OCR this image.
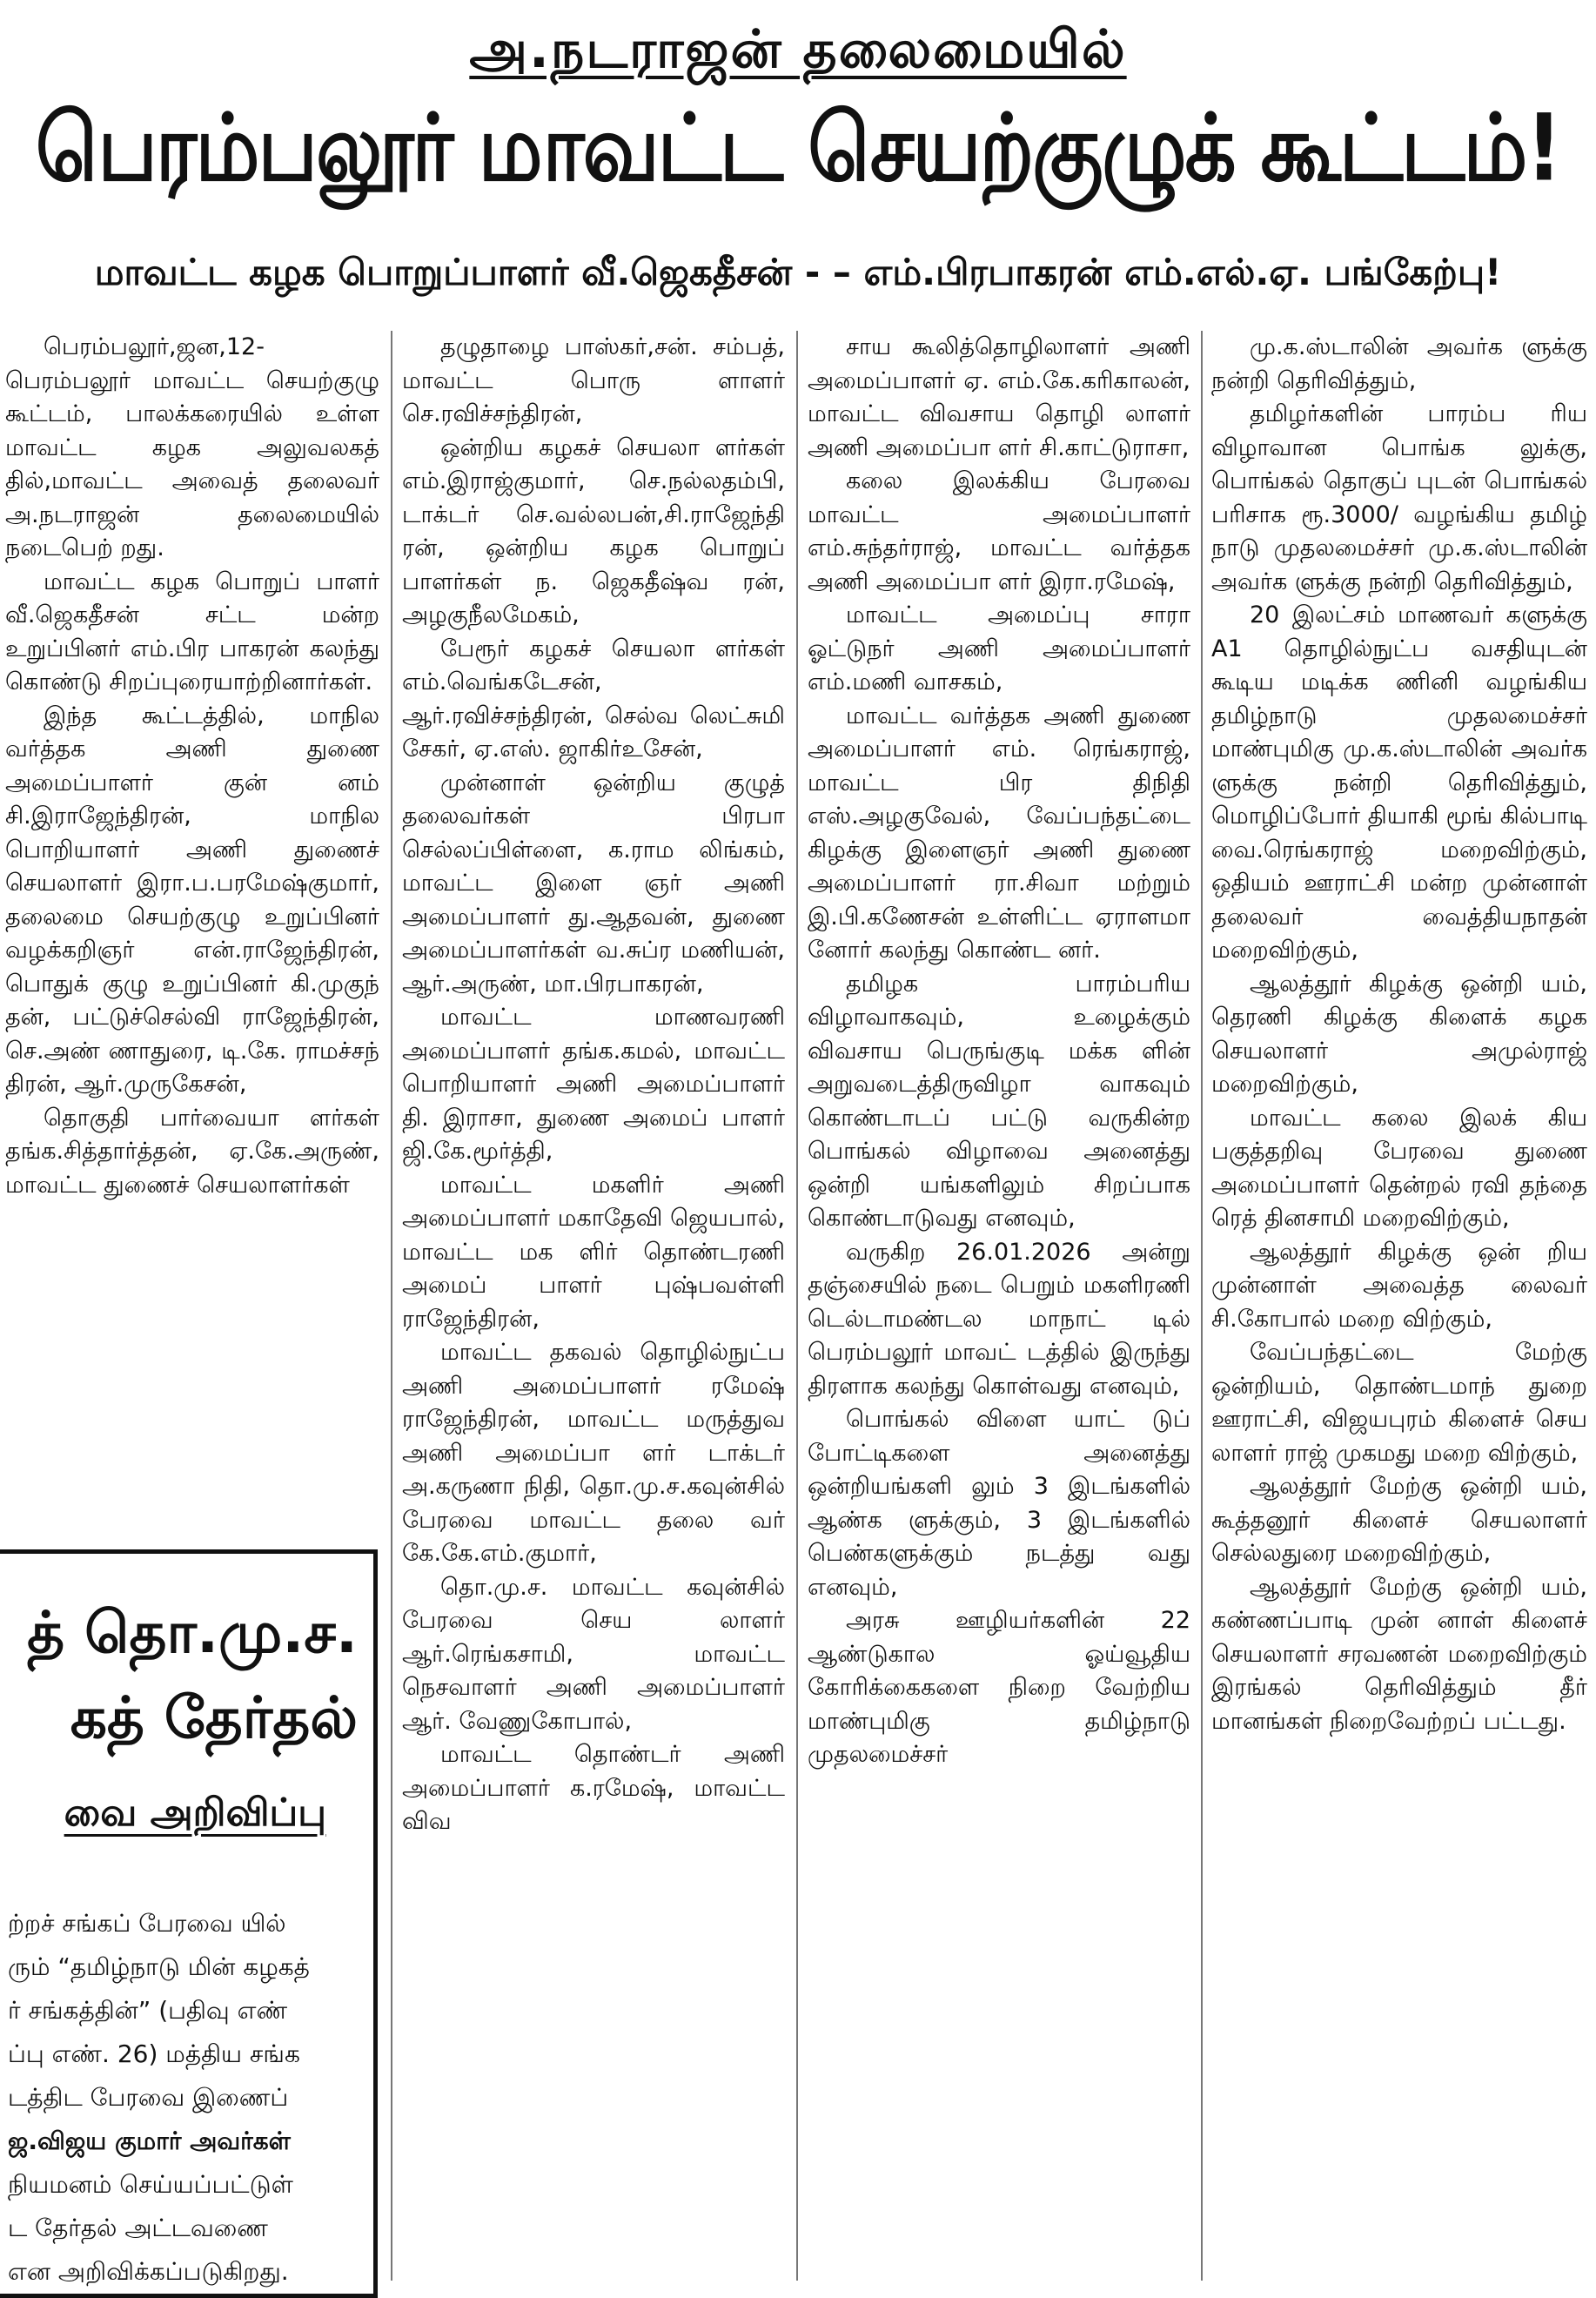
அ.நடராஜன் தலைமையில்
பெரம்பலூர் மாவட்ட செயற்குழுக் கூட்டம்!
மாவட்ட கழக பொறுப்பாளர் வீ.ஜெகதீசன் - – எம்.பிரபாகரன் எம்.எல்.ஏ. பங்கேற்பு!

பெரம்பலூர்,ஜன,12- பெரம்பலூர் மாவட்ட செயற்குழு கூட்டம், பாலக்கரையில் உள்ள மாவட்ட கழக அலுவலகத் தில்,மாவட்ட அவைத் தலைவர் அ.நடராஜன் தலைமையில் நடைபெற் றது.

மாவட்ட கழக பொறுப் பாளர் வீ.ஜெகதீசன் சட்ட மன்ற உறுப்பினர் எம்.பிர பாகரன் கலந்து கொண்டு சிறப்புரையாற்றினார்கள்.

இந்த கூட்டத்தில், மாநில வர்த்தக அணி துணை அமைப்பாளர் குன் னம் சி.இராஜேந்திரன், மாநில பொறியாளர் அணி துணைச் செயலாளர் இரா.ப.பரமேஷ்குமார், தலைமை செயற்குழு உறுப்பினர் வழக்கறிஞர் என்.ராஜேந்திரன், பொதுக் குழு உறுப்பினர் கி.முகுந் தன், பட்டுச்செல்வி ராஜேந்திரன், செ.அண் ணாதுரை, டி.கே. ராமச்சந் திரன், ஆர்.முருகேசன்,

தொகுதி பார்வையா ளர்கள் தங்க.சித்தார்த்தன், ஏ.கே.அருண், மாவட்ட துணைச் செயலாளர்கள்

தழுதாழை பாஸ்கர்,சன். சம்பத், மாவட்ட பொரு ளாளர் செ.ரவிச்சந்திரன்,

ஒன்றிய கழகச் செயலா ளர்கள் எம்.இராஜ்குமார், செ.நல்லதம்பி, டாக்டர் செ.வல்லபன்,சி.ராஜேந்தி ரன், ஒன்றிய கழக பொறுப் பாளர்கள் ந. ஜெகதீஷ்வ ரன், அழகுநீலமேகம்,

பேரூர் கழகச் செயலா ளர்கள் எம்.வெங்கடேசன், ஆர்.ரவிச்சந்திரன், செல்வ லெட்சுமி சேகர், ஏ.எஸ். ஜாகிர்உசேன்,

முன்னாள் ஒன்றிய குழுத் தலைவர்கள் பிரபா செல்லப்பிள்ளை, க.ராம லிங்கம், மாவட்ட இளை ஞர் அணி அமைப்பாளர் து.ஆதவன், துணை அமைப்பாளர்கள் வ.சுப்ர மணியன், ஆர்.அருண், மா.பிரபாகரன்,

மாவட்ட மாணவரணி அமைப்பாளர் தங்க.கமல், மாவட்ட பொறியாளர் அணி அமைப்பாளர் தி. இராசா, துணை அமைப் பாளர் ஜி.கே.மூர்த்தி,

மாவட்ட மகளிர் அணி அமைப்பாளர் மகாதேவி ஜெயபால், மாவட்ட மக ளிர் தொண்டரணி அமைப் பாளர் புஷ்பவள்ளி ராஜேந்திரன்,

மாவட்ட தகவல் தொழில்நுட்ப அணி அமைப்பாளர் ரமேஷ் ராஜேந்திரன், மாவட்ட மருத்துவ அணி அமைப்பா ளர் டாக்டர் அ.கருணா நிதி, தொ.மு.ச.கவுன்சில் பேரவை மாவட்ட தலை வர் கே.கே.எம்.குமார்,

தொ.மு.ச. மாவட்ட கவுன்சில் பேரவை செய லாளர் ஆர்.ரெங்கசாமி, மாவட்ட நெசவாளர் அணி அமைப்பாளர் ஆர். வேணுகோபால்,

மாவட்ட தொண்டர் அணி அமைப்பாளர் க.ரமேஷ், மாவட்ட விவ

சாய கூலித்தொழிலாளர் அணி அமைப்பாளர் ஏ. எம்.கே.கரிகாலன், மாவட்ட விவசாய தொழி லாளர் அணி அமைப்பா ளர் சி.காட்டுராசா,

கலை இலக்கிய பேரவை மாவட்ட அமைப்பாளர் எம்.சுந்தர்ராஜ், மாவட்ட வர்த்தக அணி அமைப்பா ளர் இரா.ரமேஷ்,

மாவட்ட அமைப்பு சாரா ஓட்டுநர் அணி அமைப்பாளர் எம்.மணி வாசகம்,

மாவட்ட வர்த்தக அணி துணை அமைப்பாளர் எம். ரெங்கராஜ், மாவட்ட பிர திநிதி எஸ்.அழகுவேல், வேப்பந்தட்டை கிழக்கு இளைஞர் அணி துணை அமைப்பாளர் ரா.சிவா மற்றும் இ.பி.கணேசன் உள்ளிட்ட ஏராளமா னோர் கலந்து கொண்ட னர்.

தமிழக பாரம்பரிய விழாவாகவும், உழைக்கும் விவசாய பெருங்குடி மக்க ளின் அறுவடைத்திருவிழா வாகவும் கொண்டாடப் பட்டு வருகின்ற பொங்கல் விழாவை அனைத்து ஒன்றி யங்களிலும் சிறப்பாக கொண்டாடுவது எனவும்,

வருகிற 26.01.2026 அன்று தஞ்சையில் நடை பெறும் மகளிரணி டெல்டாமண்டல மாநாட் டில் பெரம்பலூர் மாவட் டத்தில் இருந்து திரளாக கலந்து கொள்வது எனவும்,

பொங்கல் விளை யாட் டுப் போட்டிகளை அனைத்து ஒன்றியங்களி லும் 3 இடங்களில் ஆண்க ளுக்கும், 3 இடங்களில் பெண்களுக்கும் நடத்து வது எனவும்,

அரசு ஊழியர்களின் 22 ஆண்டுகால ஓய்வூதிய கோரிக்கைகளை நிறை வேற்றிய மாண்புமிகு தமிழ்நாடு முதலமைச்சர்

மு.க.ஸ்டாலின் அவர்க ளுக்கு நன்றி தெரிவித்தும்,

தமிழர்களின் பாரம்ப ரிய விழாவான பொங்க லுக்கு, பொங்கல் தொகுப் புடன் பொங்கல் பரிசாக ரூ.3000/ வழங்கிய தமிழ் நாடு முதலமைச்சர் மு.க.ஸ்டாலின் அவர்க ளுக்கு நன்றி தெரிவித்தும்,

20 இலட்சம் மாணவர் களுக்கு A1 தொழில்நுட்ப வசதியுடன் கூடிய மடிக்க ணினி வழங்கிய தமிழ்நாடு முதலமைச்சர் மாண்புமிகு மு.க.ஸ்டாலின் அவர்க ளுக்கு நன்றி தெரிவித்தும், மொழிப்போர் தியாகி மூங் கில்பாடி வை.ரெங்கராஜ் மறைவிற்கும், ஒதியம் ஊராட்சி மன்ற முன்னாள் தலைவர் வைத்தியநாதன் மறைவிற்கும்,

ஆலத்தூர் கிழக்கு ஒன்றி யம், தெரணி கிழக்கு கிளைக் கழக செயலாளர் அமுல்ராஜ் மறைவிற்கும்,

மாவட்ட கலை இலக் கிய பகுத்தறிவு பேரவை துணை அமைப்பாளர் தென்றல் ரவி தந்தை ரெத் தினசாமி மறைவிற்கும்,

ஆலத்தூர் கிழக்கு ஒன் றிய முன்னாள் அவைத்த லைவர் சி.கோபால் மறை விற்கும்,

வேப்பந்தட்டை மேற்கு ஒன்றியம், தொண்டமாந் துறை ஊராட்சி, விஜயபுரம் கிளைச் செய லாளர் ராஜ் முகமது மறை விற்கும்,

ஆலத்தூர் மேற்கு ஒன்றி யம், கூத்தனூர் கிளைச் செயலாளர் செல்லதுரை மறைவிற்கும்,

ஆலத்தூர் மேற்கு ஒன்றி யம், கண்ணப்பாடி முன் னாள் கிளைச் செயலாளர் சரவணன் மறைவிற்கும் இரங்கல் தெரிவித்தும் தீர் மானங்கள் நிறைவேற்றப் பட்டது.

த் தொ.மு.ச.
கத் தேர்தல்
வை அறிவிப்பு
ற்றச் சங்கப் பேரவை யில்
ரும் “தமிழ்நாடு மின் கழகத்
ர் சங்கத்தின்” (பதிவு எண்
ப்பு எண். 26) மத்திய சங்க
டத்திட பேரவை இணைப்
ஜ.விஜய குமார் அவர்கள்
நியமனம் செய்யப்பட்டுள்
ட தேர்தல் அட்டவணை
என அறிவிக்கப்படுகிறது.
